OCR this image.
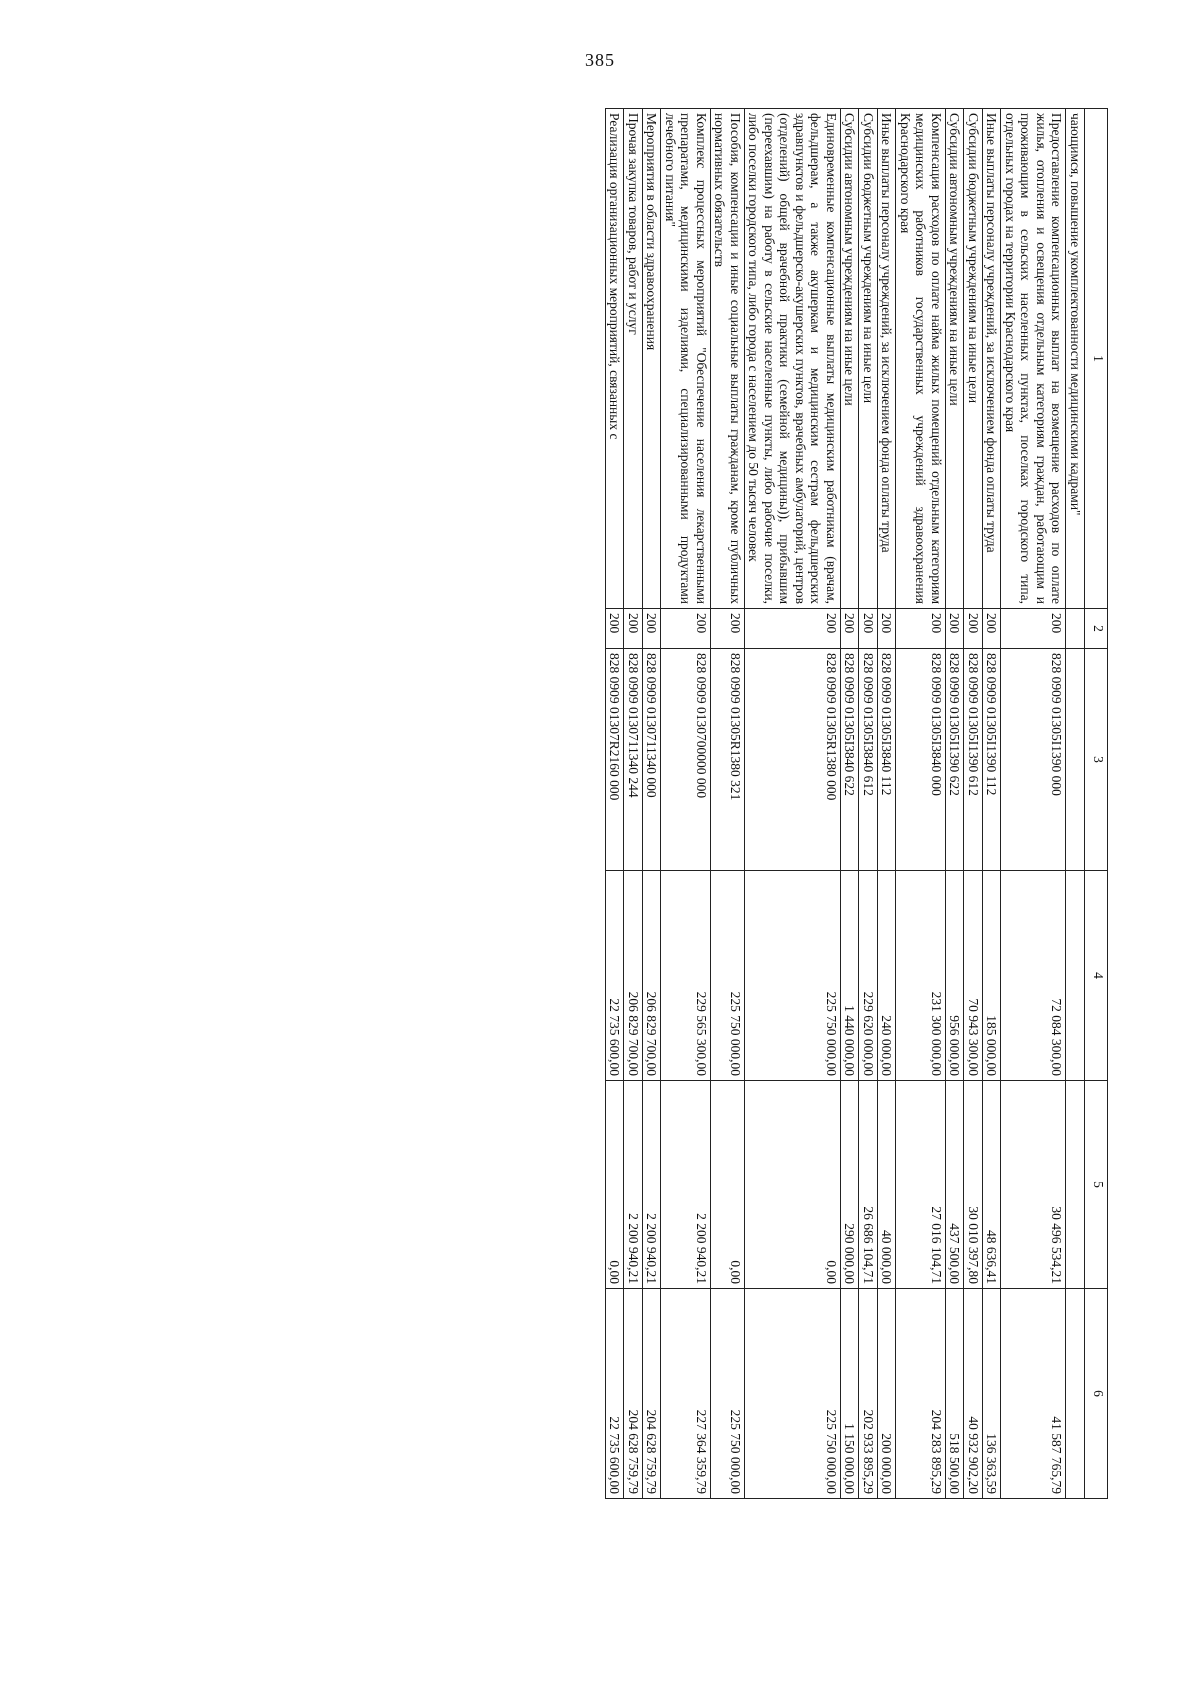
385
1	2	3	4	5	6
чающимся, повышение укомплектованности медицинскими кадрами"					
Предоставление компенсационных выплат на возмещение расходов по оплате жилья, отопления и освещения отдельным категориям граждан, работающим и проживающим в сельских населенных пунктах, поселках городского типа, отдельных городах на территории Краснодарского края	200	828 0909 01305I1390 000	72 084 300,00	30 496 534,21	41 587 765,79
Иные выплаты персоналу учреждений, за исключением фонда оплаты труда	200	828 0909 01305I1390 112	185 000,00	48 636,41	136 363,59
Субсидии бюджетным учреждениям на иные цели	200	828 0909 01305I1390 612	70 943 300,00	30 010 397,80	40 932 902,20
Субсидии автономным учреждениям на иные цели	200	828 0909 01305I1390 622	956 000,00	437 500,00	518 500,00
Компенсация расходов по оплате найма жилых помещений отдельным категориям медицинских работников государственных учреждений здравоохранения Краснодарского края	200	828 0909 01305I3840 000	231 300 000,00	27 016 104,71	204 283 895,29
Иные выплаты персоналу учреждений, за исключением фонда оплаты труда	200	828 0909 01305I3840 112	240 000,00	40 000,00	200 000,00
Субсидии бюджетным учреждениям на иные цели	200	828 0909 01305I3840 612	229 620 000,00	26 686 104,71	202 933 895,29
Субсидии автономным учреждениям на иные цели	200	828 0909 01305I3840 622	1 440 000,00	290 000,00	1 150 000,00
Единовременные компенсационные выплаты медицинским работникам (врачам, фельдшерам, а также акушеркам и медицинским сестрам фельдшерских здравпунктов и фельдшерско-акушерских пунктов, врачебных амбулаторий, центров (отделений) общей врачебной практики (семейной медицины)), прибывшим (переехавшим) на работу в сельские населенные пункты, либо рабочие поселки, либо поселки городского типа, либо города с населением до 50 тысяч человек	200	828 0909 01305R1380 000	225 750 000,00	0,00	225 750 000,00
Пособия, компенсации и иные социальные выплаты гражданам, кроме публичных нормативных обязательств	200	828 0909 01305R1380 321	225 750 000,00	0,00	225 750 000,00
Комплекс процессных мероприятий "Обеспечение населения лекарственными препаратами, медицинскими изделиями, специализированными продуктами лечебного питания"	200	828 0909 0130700000 000	229 565 300,00	2 200 940,21	227 364 359,79
Мероприятия в области здравоохранения	200	828 0909 0130711340 000	206 829 700,00	2 200 940,21	204 628 759,79
Прочая закупка товаров, работ и услуг	200	828 0909 0130711340 244	206 829 700,00	2 200 940,21	204 628 759,79
Реализация организационных мероприятий, связанных с	200	828 0909 01307R2160 000	22 735 600,00	0,00	22 735 600,00
